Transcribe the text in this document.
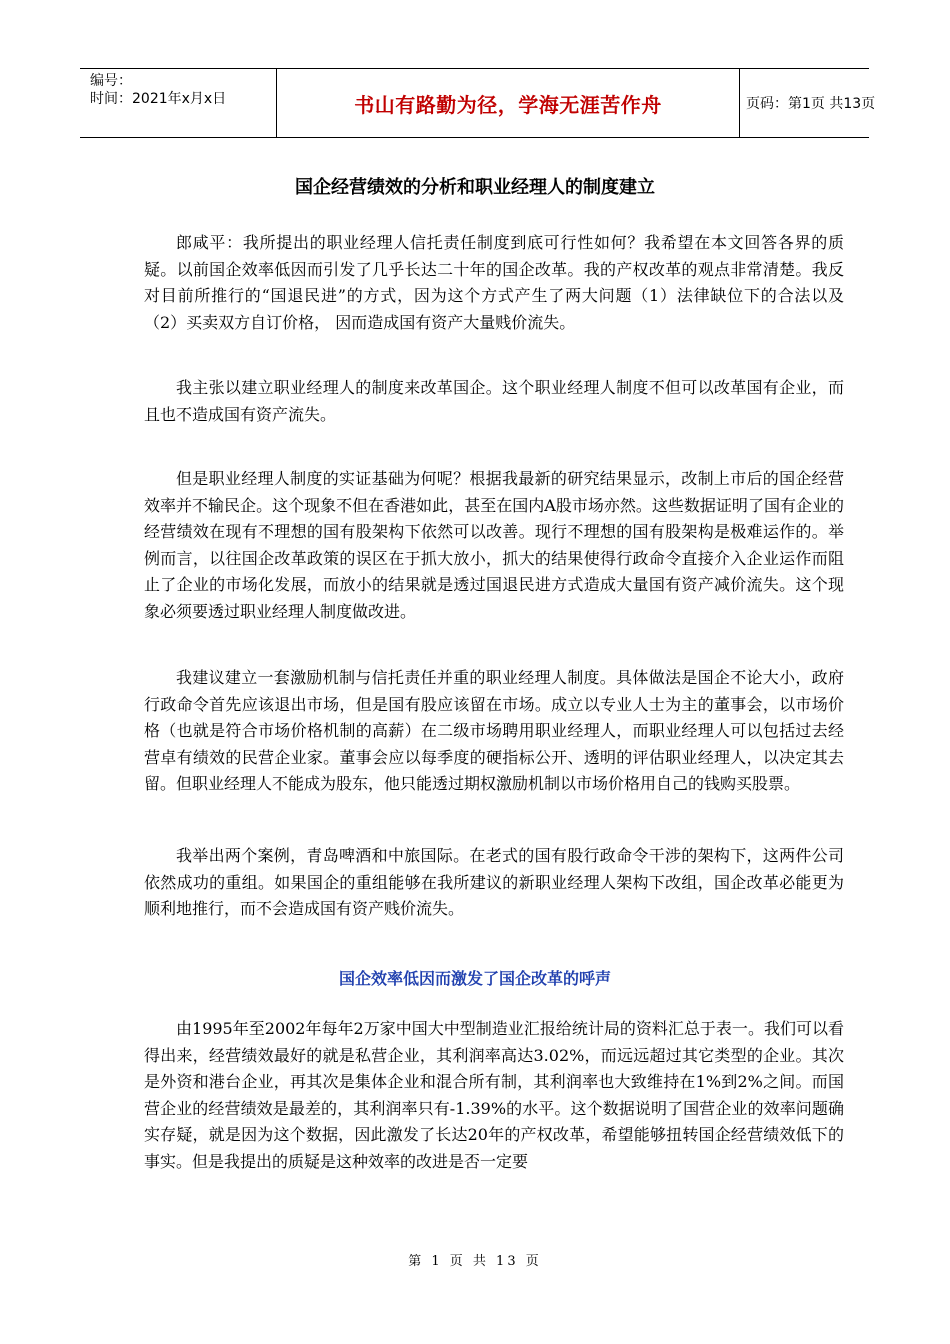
编号：
时间：2021年x月x日	书山有路勤为径，学海无涯苦作舟	页码：第1页 共13页
国企经营绩效的分析和职业经理人的制度建立

郎咸平：我所提出的职业经理人信托责任制度到底可行性如何？我希望在本文回答各界的质疑。以前国企效率低因而引发了几乎长达二十年的国企改革。我的产权改革的观点非常清楚。我反对目前所推行的“国退民进”的方式，因为这个方式产生了两大问题（1）法律缺位下的合法以及（2）买卖双方自订价格， 因而造成国有资产大量贱价流失。

我主张以建立职业经理人的制度来改革国企。这个职业经理人制度不但可以改革国有企业，而且也不造成国有资产流失。

但是职业经理人制度的实证基础为何呢？根据我最新的研究结果显示，改制上市后的国企经营效率并不输民企。这个现象不但在香港如此，甚至在国内A股市场亦然。这些数据证明了国有企业的经营绩效在现有不理想的国有股架构下依然可以改善。现行不理想的国有股架构是极难运作的。举例而言，以往国企改革政策的误区在于抓大放小，抓大的结果使得行政命令直接介入企业运作而阻止了企业的市场化发展，而放小的结果就是透过国退民进方式造成大量国有资产减价流失。这个现象必须要透过职业经理人制度做改进。

我建议建立一套激励机制与信托责任并重的职业经理人制度。具体做法是国企不论大小，政府行政命令首先应该退出市场，但是国有股应该留在市场。成立以专业人士为主的董事会，以市场价格（也就是符合市场价格机制的高薪）在二级市场聘用职业经理人，而职业经理人可以包括过去经营卓有绩效的民营企业家。董事会应以每季度的硬指标公开、透明的评估职业经理人，以决定其去留。但职业经理人不能成为股东，他只能透过期权激励机制以市场价格用自己的钱购买股票。

我举出两个案例，青岛啤酒和中旅国际。在老式的国有股行政命令干涉的架构下，这两件公司依然成功的重组。如果国企的重组能够在我所建议的新职业经理人架构下改组，国企改革必能更为顺利地推行，而不会造成国有资产贱价流失。

国企效率低因而激发了国企改革的呼声

由1995年至2002年每年2万家中国大中型制造业汇报给统计局的资料汇总于表一。我们可以看得出来，经营绩效最好的就是私营企业，其利润率高达3.02%，而远远超过其它类型的企业。其次是外资和港台企业，再其次是集体企业和混合所有制，其利润率也大致维持在1%到2%之间。而国营企业的经营绩效是最差的，其利润率只有-1.39%的水平。这个数据说明了国营企业的效率问题确实存疑，就是因为这个数据，因此激发了长达20年的产权改革，希望能够扭转国企经营绩效低下的事实。但是我提出的质疑是这种效率的改进是否一定要

第 1 页 共 13 页
